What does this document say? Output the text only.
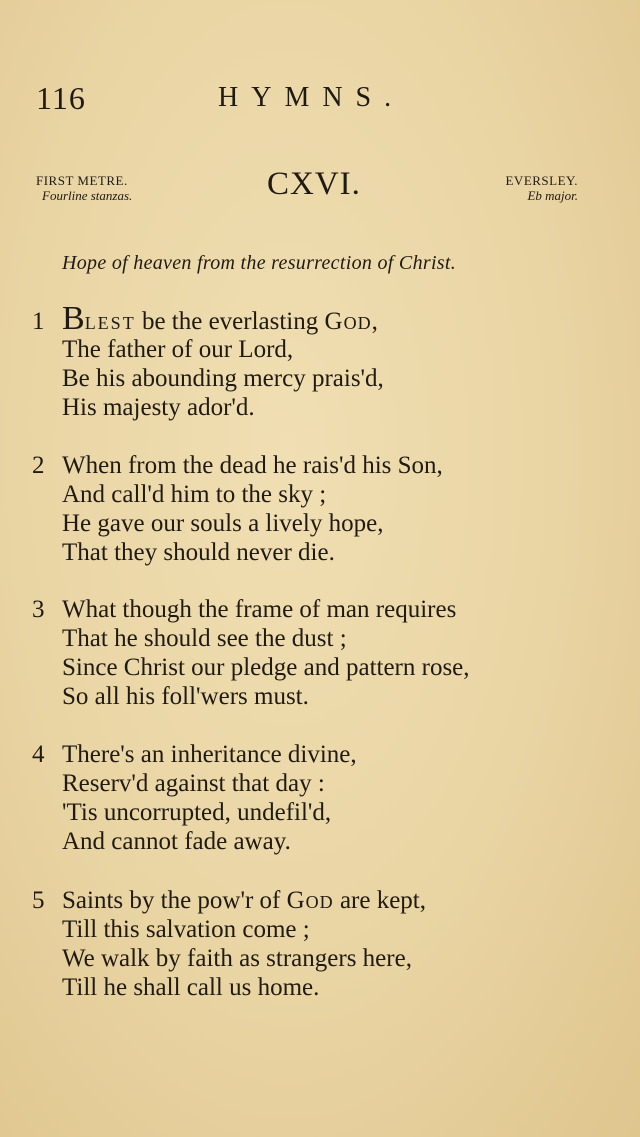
116	HYMNS.
FIRST METRE.
Fourline stanzas.	CXVI.	EVERSLEY.
Eb major.
Hope of heaven from the resurrection of Christ.
1 Blest be the everlasting God,
The father of our Lord,
Be his abounding mercy prais'd,
His majesty ador'd.
2 When from the dead he rais'd his Son,
And call'd him to the sky ;
He gave our souls a lively hope,
That they should never die.
3 What though the frame of man requires
That he should see the dust ;
Since Christ our pledge and pattern rose,
So all his foll'wers must.
4 There's an inheritance divine,
Reserv'd against that day :
'Tis uncorrupted, undefil'd,
And cannot fade away.
5 Saints by the pow'r of God are kept,
Till this salvation come ;
We walk by faith as strangers here,
Till he shall call us home.
